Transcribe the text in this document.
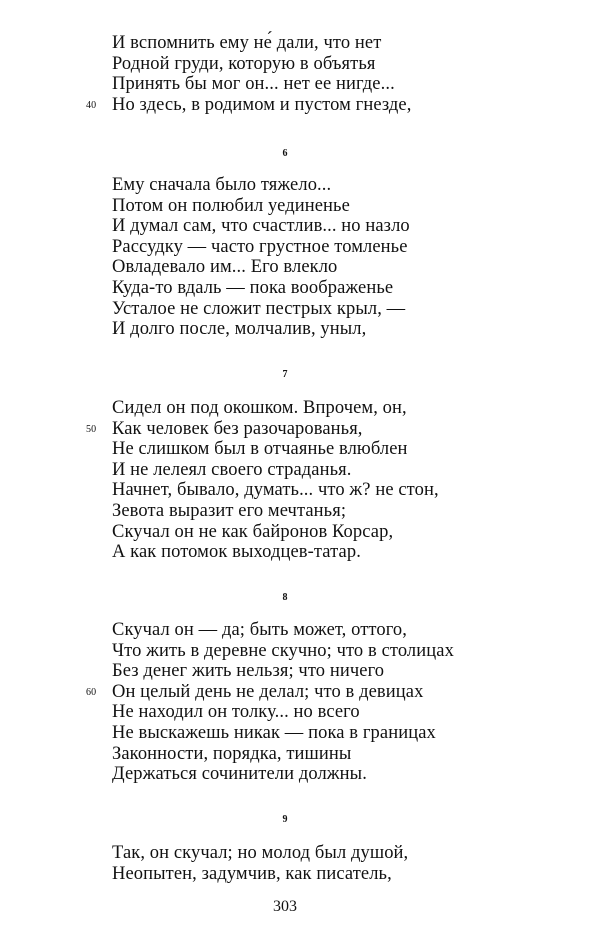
И вспомнить ему не́ дали, что нет
Родной груди, которую в объятья
Принять бы мог он... нет ее нигде...
40 Но здесь, в родимом и пустом гнезде,
6
Ему сначала было тяжело...
Потом он полюбил уединенье
И думал сам, что счастлив... но назло
Рассудку — часто грустное томленье
Овладевало им... Его влекло
Куда-то вдаль — пока воображенье
Усталое не сложит пестрых крыл, —
И долго после, молчалив, уныл,
7
Сидел он под окошком. Впрочем, он,
50 Как человек без разочарованья,
Не слишком был в отчаянье влюблен
И не лелеял своего страданья.
Начнет, бывало, думать... что ж? не стон,
Зевота выразит его мечтанья;
Скучал он не как байронов Корсар,
А как потомок выходцев-татар.
8
Скучал он — да; быть может, оттого,
Что жить в деревне скучно; что в столицах
Без денег жить нельзя; что ничего
60 Он целый день не делал; что в девицах
Не находил он толку... но всего
Не выскажешь никак — пока в границах
Законности, порядка, тишины
Держаться сочинители должны.
9
Так, он скучал; но молод был душой,
Неопытен, задумчив, как писатель,
303
